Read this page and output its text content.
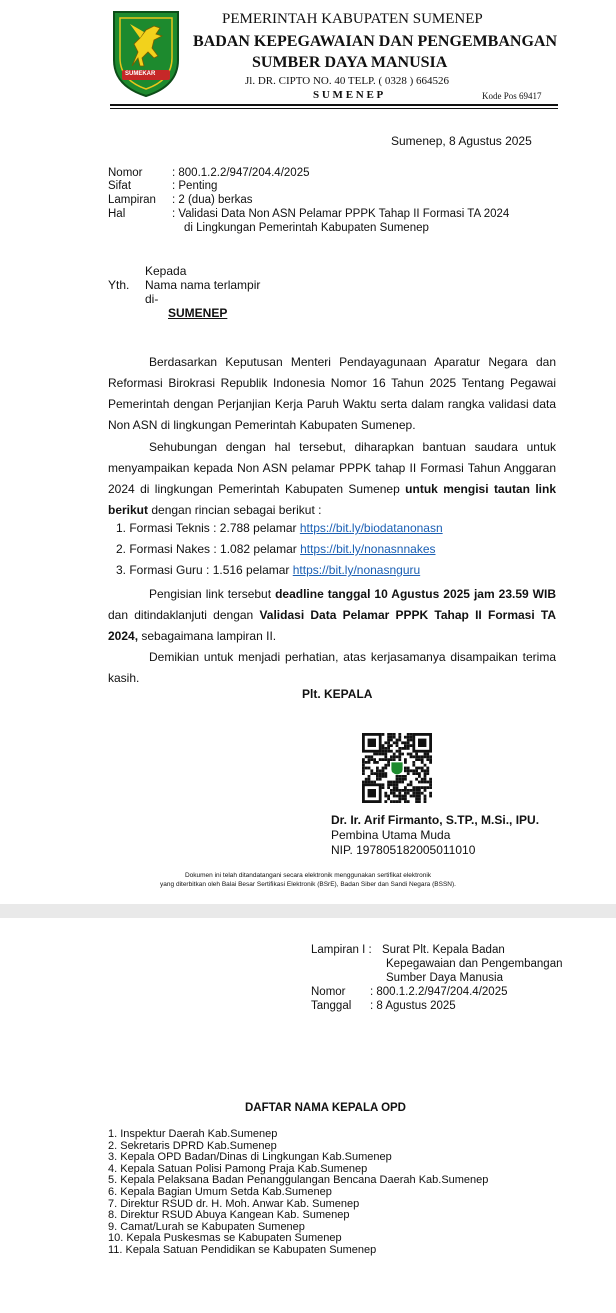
SUMEKAR
PEMERINTAH KABUPATEN SUMENEP
BADAN KEPEGAWAIAN DAN PENGEMBANGAN
SUMBER DAYA MANUSIA
Jl. DR. CIPTO NO. 40 TELP. ( 0328 ) 664526
S U M E N E P	Kode Pos 69417
Sumenep, 8 Agustus 2025
Nomor	: 800.1.2.2/947/204.4/2025
Sifat	: Penting
Lampiran : 2 (dua) berkas
Hal	: Validasi Data Non ASN Pelamar PPPK Tahap II Formasi TA 2024
di Lingkungan Pemerintah Kabupaten Sumenep
Kepada
Yth. Nama nama terlampir
di-
SUMENEP
Berdasarkan Keputusan Menteri Pendayagunaan Aparatur Negara dan Reformasi Birokrasi Republik Indonesia Nomor 16 Tahun 2025 Tentang Pegawai Pemerintah dengan Perjanjian Kerja Paruh Waktu serta dalam rangka validasi data Non ASN di lingkungan Pemerintah Kabupaten Sumenep.
Sehubungan dengan hal tersebut, diharapkan bantuan saudara untuk menyampaikan kepada Non ASN pelamar PPPK tahap II Formasi Tahun Anggaran 2024 di lingkungan Pemerintah Kabupaten Sumenep untuk mengisi tautan link berikut dengan rincian sebagai berikut :
1. Formasi Teknis : 2.788 pelamar https://bit.ly/biodatanonasn
2. Formasi Nakes : 1.082 pelamar https://bit.ly/nonasnnakes
3. Formasi Guru : 1.516 pelamar https://bit.ly/nonasnguru
Pengisian link tersebut deadline tanggal 10 Agustus 2025 jam 23.59 WIB dan ditindaklanjuti dengan Validasi Data Pelamar PPPK Tahap II Formasi TA 2024, sebagaimana lampiran II.
Demikian untuk menjadi perhatian, atas kerjasamanya disampaikan terima kasih.
Plt. KEPALA
Dr. Ir. Arif Firmanto, S.TP., M.Si., IPU.
Pembina Utama Muda
NIP. 197805182005011010
Dokumen ini telah ditandatangani secara elektronik menggunakan sertifikat elektronik
yang diterbitkan oleh Balai Besar Sertifikasi Elektronik (BSrE), Badan Siber dan Sandi Negara (BSSN).
Lampiran I : Surat Plt. Kepala Badan
Kepegawaian dan Pengembangan
Sumber Daya Manusia
Nomor : 800.1.2.2/947/204.4/2025
Tanggal : 8 Agustus 2025
DAFTAR NAMA KEPALA OPD
1. Inspektur Daerah Kab.Sumenep
2. Sekretaris DPRD Kab.Sumenep
3. Kepala OPD Badan/Dinas di Lingkungan Kab.Sumenep
4. Kepala Satuan Polisi Pamong Praja Kab.Sumenep
5. Kepala Pelaksana Badan Penanggulangan Bencana Daerah Kab.Sumenep
6. Kepala Bagian Umum Setda Kab.Sumenep
7. Direktur RSUD dr. H. Moh. Anwar Kab. Sumenep
8. Direktur RSUD Abuya Kangean Kab. Sumenep
9. Camat/Lurah se Kabupaten Sumenep
10. Kepala Puskesmas se Kabupaten Sumenep
11. Kepala Satuan Pendidikan se Kabupaten Sumenep
